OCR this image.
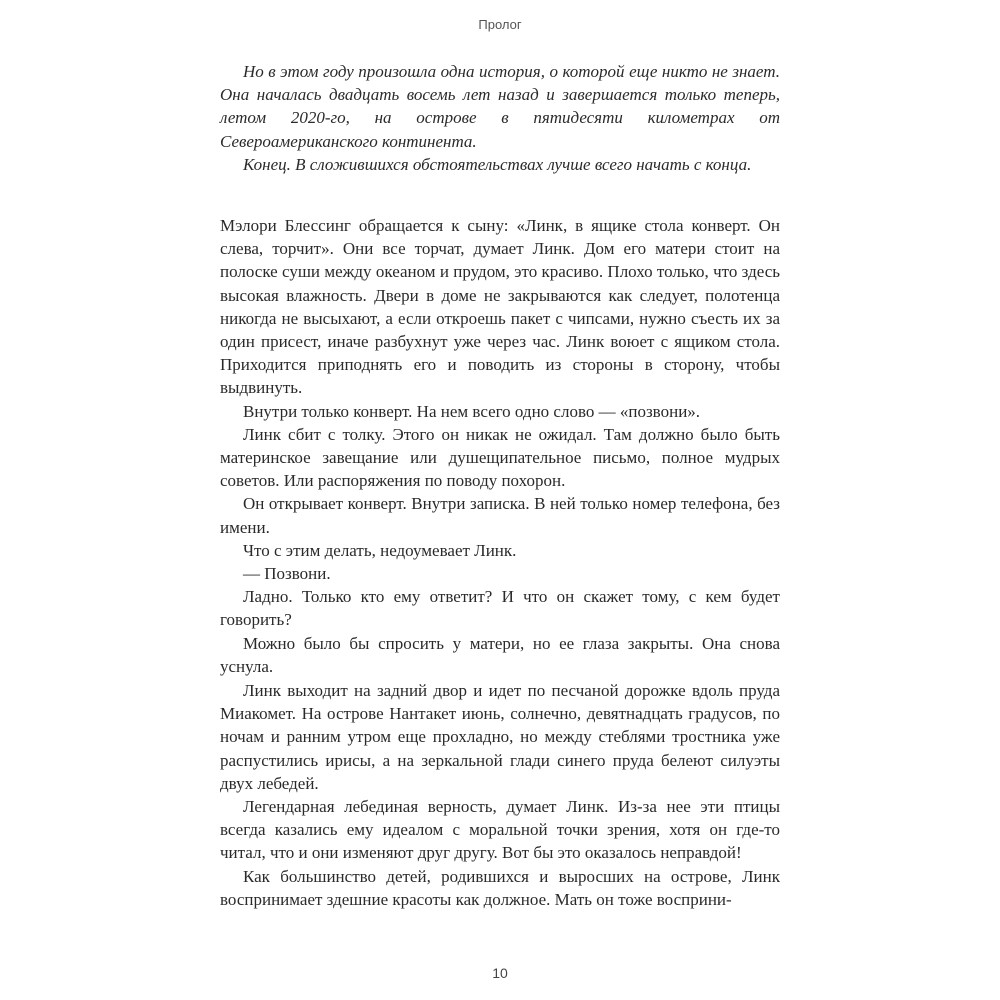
Пролог

Но в этом году произошла одна история, о которой еще никто не знает. Она началась двадцать восемь лет назад и завершается только теперь, летом 2020-го, на острове в пятидесяти километрах от Североамериканского континента.

Конец. В сложившихся обстоятельствах лучше всего начать с конца.

Мэлори Блессинг обращается к сыну: «Линк, в ящике стола конверт. Он слева, торчит». Они все торчат, думает Линк. Дом его матери стоит на полоске суши между океаном и прудом, это красиво. Плохо только, что здесь высокая влажность. Двери в доме не закрываются как следует, полотенца никогда не высыхают, а если откроешь пакет с чипсами, нужно съесть их за один присест, иначе разбухнут уже через час. Линк воюет с ящиком стола. Приходится приподнять его и поводить из стороны в сторону, чтобы выдвинуть.

Внутри только конверт. На нем всего одно слово — «позвони».

Линк сбит с толку. Этого он никак не ожидал. Там должно было быть материнское завещание или душещипательное письмо, полное мудрых советов. Или распоряжения по поводу похорон.

Он открывает конверт. Внутри записка. В ней только номер телефона, без имени.

Что с этим делать, недоумевает Линк.

— Позвони.

Ладно. Только кто ему ответит? И что он скажет тому, с кем будет говорить?

Можно было бы спросить у матери, но ее глаза закрыты. Она снова уснула.

Линк выходит на задний двор и идет по песчаной дорожке вдоль пруда Миакомет. На острове Нантакет июнь, солнечно, девятнадцать градусов, по ночам и ранним утром еще прохладно, но между стеблями тростника уже распустились ирисы, а на зеркальной глади синего пруда белеют силуэты двух лебедей.

Легендарная лебединая верность, думает Линк. Из-за нее эти птицы всегда казались ему идеалом с моральной точки зрения, хотя он где-то читал, что и они изменяют друг другу. Вот бы это оказалось неправдой!

Как большинство детей, родившихся и выросших на острове, Линк воспринимает здешние красоты как должное. Мать он тоже восприни-

10
